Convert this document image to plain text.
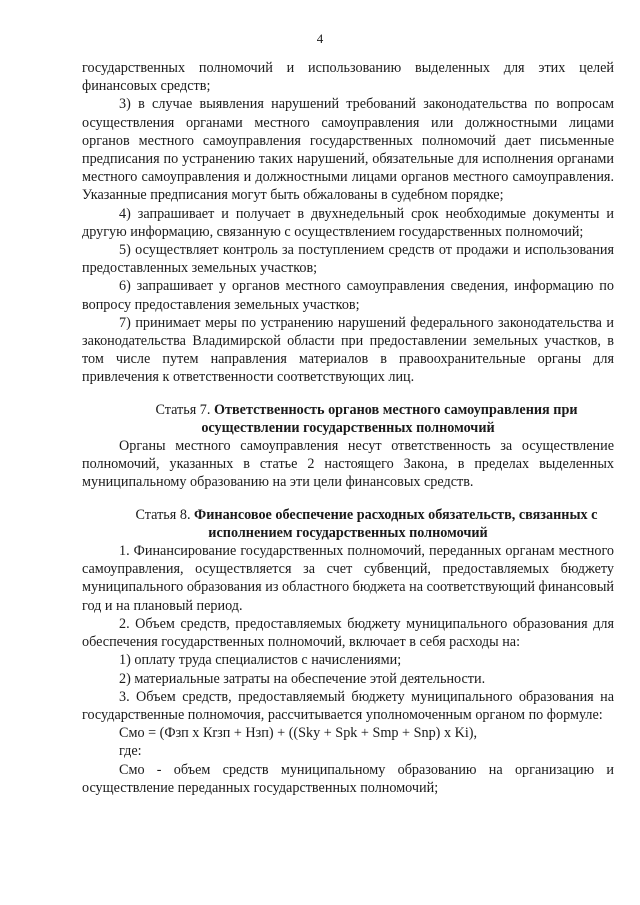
4

государственных полномочий и использованию выделенных для этих целей финансовых средств;

3) в случае выявления нарушений требований законодательства по вопросам осуществления органами местного самоуправления или должностными лицами органов местного самоуправления государственных полномочий дает письменные предписания по устранению таких нарушений, обязательные для исполнения органами местного самоуправления и должностными лицами органов местного самоуправления. Указанные предписания могут быть обжалованы в судебном порядке;

4) запрашивает и получает в двухнедельный срок необходимые документы и другую информацию, связанную с осуществлением государственных полномочий;

5) осуществляет контроль за поступлением средств от продажи и использования предоставленных земельных участков;

6) запрашивает у органов местного самоуправления сведения, информацию по вопросу предоставления земельных участков;

7) принимает меры по устранению нарушений федерального законодательства и законодательства Владимирской области при предоставлении земельных участков, в том числе путем направления материалов в правоохранительные органы для привлечения к ответственности соответствующих лиц.

Статья 7. Ответственность органов местного самоуправления при осуществлении государственных полномочий

Органы местного самоуправления несут ответственность за осуществление полномочий, указанных в статье 2 настоящего Закона, в пределах выделенных муниципальному образованию на эти цели финансовых средств.

Статья 8. Финансовое обеспечение расходных обязательств, связанных с исполнением государственных полномочий

1. Финансирование государственных полномочий, переданных органам местного самоуправления, осуществляется за счет субвенций, предоставляемых бюджету муниципального образования из областного бюджета на соответствующий финансовый год и на плановый период.

2. Объем средств, предоставляемых бюджету муниципального образования для обеспечения государственных полномочий, включает в себя расходы на:

1) оплату труда специалистов с начислениями;

2) материальные затраты на обеспечение этой деятельности.

3. Объем средств, предоставляемый бюджету муниципального образования на государственные полномочия, рассчитывается уполномоченным органом по формуле:

Смо = (Фзп х Кrзп + Нзп) + ((Sky + Spk + Smp + Snp) x Ki),

где:

Смо - объем средств муниципальному образованию на организацию и осуществление переданных государственных полномочий;
